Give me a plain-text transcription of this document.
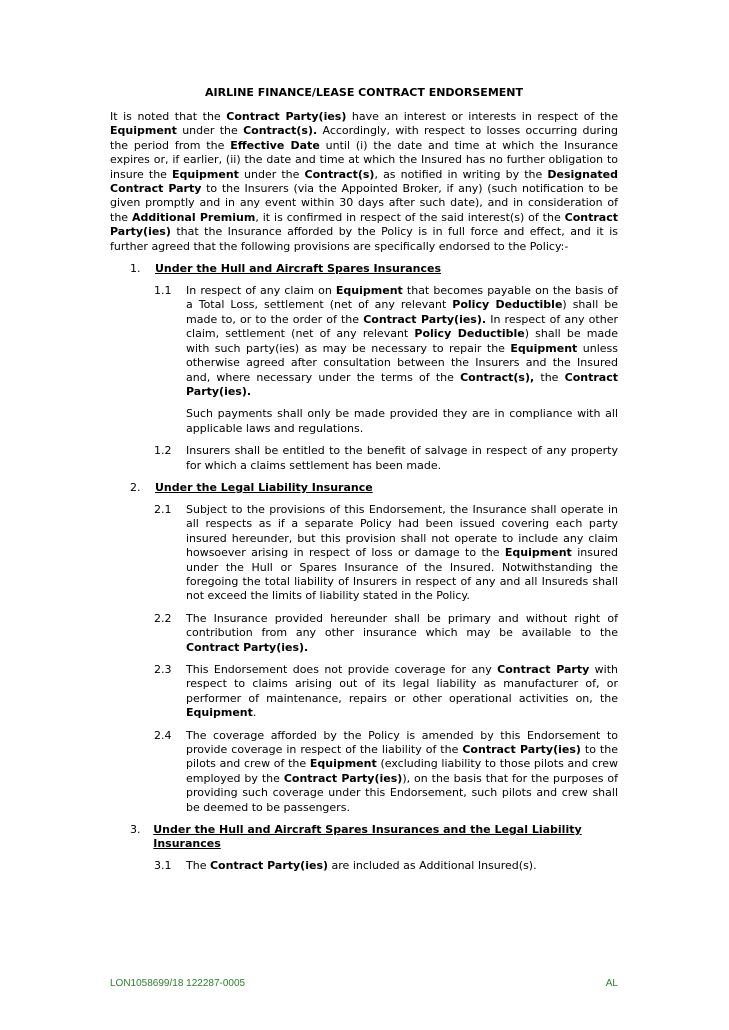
AIRLINE FINANCE/LEASE CONTRACT ENDORSEMENT

It is noted that the Contract Party(ies) have an interest or interests in respect of the Equipment under the Contract(s). Accordingly, with respect to losses occurring during the period from the Effective Date until (i) the date and time at which the Insurance expires or, if earlier, (ii) the date and time at which the Insured has no further obligation to insure the Equipment under the Contract(s), as notified in writing by the Designated Contract Party to the Insurers (via the Appointed Broker, if any) (such notification to be given promptly and in any event within 30 days after such date), and in consideration of the Additional Premium, it is confirmed in respect of the said interest(s) of the Contract Party(ies) that the Insurance afforded by the Policy is in full force and effect, and it is further agreed that the following provisions are specifically endorsed to the Policy:-

1.	Under the Hull and Aircraft Spares Insurances
1.1	In respect of any claim on Equipment that becomes payable on the basis of a Total Loss, settlement (net of any relevant Policy Deductible) shall be made to, or to the order of the Contract Party(ies). In respect of any other claim, settlement (net of any relevant Policy Deductible) shall be made with such party(ies) as may be necessary to repair the Equipment unless otherwise agreed after consultation between the Insurers and the Insured and, where necessary under the terms of the Contract(s), the Contract Party(ies).

Such payments shall only be made provided they are in compliance with all applicable laws and regulations.

1.2	Insurers shall be entitled to the benefit of salvage in respect of any property for which a claims settlement has been made.

2.	Under the Legal Liability Insurance
2.1	Subject to the provisions of this Endorsement, the Insurance shall operate in all respects as if a separate Policy had been issued covering each party insured hereunder, but this provision shall not operate to include any claim howsoever arising in respect of loss or damage to the Equipment insured under the Hull or Spares Insurance of the Insured. Notwithstanding the foregoing the total liability of Insurers in respect of any and all Insureds shall not exceed the limits of liability stated in the Policy.

2.2	The Insurance provided hereunder shall be primary and without right of contribution from any other insurance which may be available to the Contract Party(ies).

2.3	This Endorsement does not provide coverage for any Contract Party with respect to claims arising out of its legal liability as manufacturer of, or performer of maintenance, repairs or other operational activities on, the Equipment.

2.4	The coverage afforded by the Policy is amended by this Endorsement to provide coverage in respect of the liability of the Contract Party(ies) to the pilots and crew of the Equipment (excluding liability to those pilots and crew employed by the Contract Party(ies)), on the basis that for the purposes of providing such coverage under this Endorsement, such pilots and crew shall be deemed to be passengers.

3.	Under the Hull and Aircraft Spares Insurances and the Legal Liability Insurances
3.1	The Contract Party(ies) are included as Additional Insured(s).

LON1058699/18 122287-0005	AL
